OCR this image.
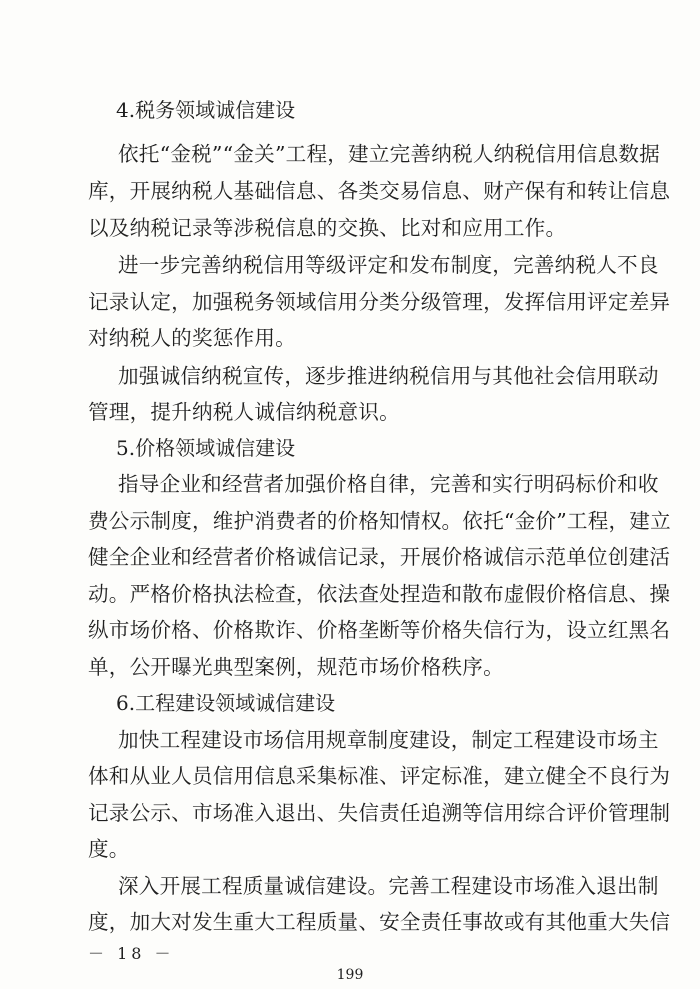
4.税务领域诚信建设
依托“金税”“金关”工程，建立完善纳税人纳税信用信息数据
库，开展纳税人基础信息、各类交易信息、财产保有和转让信息
以及纳税记录等涉税信息的交换、比对和应用工作。
进一步完善纳税信用等级评定和发布制度，完善纳税人不良
记录认定，加强税务领域信用分类分级管理，发挥信用评定差异
对纳税人的奖惩作用。
加强诚信纳税宣传，逐步推进纳税信用与其他社会信用联动
管理，提升纳税人诚信纳税意识。
5.价格领域诚信建设
指导企业和经营者加强价格自律，完善和实行明码标价和收
费公示制度，维护消费者的价格知情权。依托“金价”工程，建立
健全企业和经营者价格诚信记录，开展价格诚信示范单位创建活
动。严格价格执法检查，依法查处捏造和散布虚假价格信息、操
纵市场价格、价格欺诈、价格垄断等价格失信行为，设立红黑名
单，公开曝光典型案例，规范市场价格秩序。
6.工程建设领域诚信建设
加快工程建设市场信用规章制度建设，制定工程建设市场主
体和从业人员信用信息采集标准、评定标准，建立健全不良行为
记录公示、市场准入退出、失信责任追溯等信用综合评价管理制
度。
深入开展工程质量诚信建设。完善工程建设市场准入退出制
度，加大对发生重大工程质量、安全责任事故或有其他重大失信
－ 18 －
199
